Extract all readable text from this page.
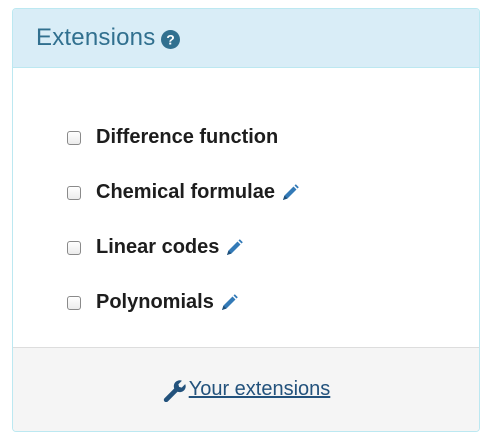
Extensions ?
Difference function
Chemical formulae
Linear codes
Polynomials
Your extensions
